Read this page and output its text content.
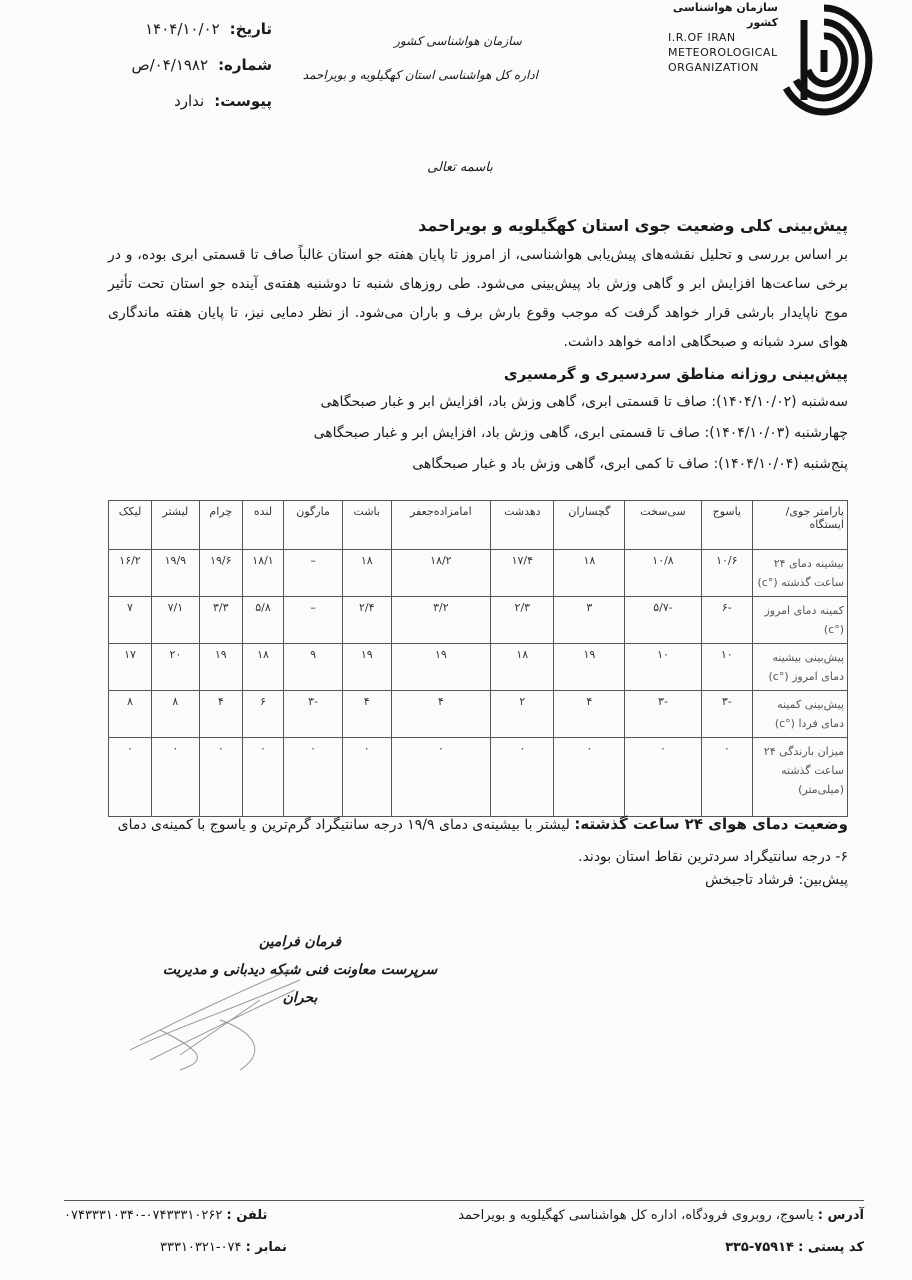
تاریخ:
۱۴۰۴/۱۰/۰۲
شماره:
۰۴/۱۹۸۲/ص
پیوست:
ندارد
سازمان هواشناسی کشور
اداره کل هواشناسی استان کهگیلویه و بویراحمد
سازمان هواشناسی کشور
I.R.OF IRAN
METEOROLOGICAL
ORGANIZATION
باسمه تعالی
پیش‌بینی کلی وضعیت جوی استان کهگیلویه و بویراحمد

بر اساس بررسی و تحلیل نقشه‌های پیش‌یابی هواشناسی، از امروز تا پایان هفته جو استان غالباً صاف تا قسمتی ابری بوده، و در برخی ساعت‌ها افزایش ابر و گاهی وزش باد پیش‌بینی می‌شود. طی روزهای شنبه تا دوشنبه هفته‌ی آینده جو استان تحت تأثیر موج ناپایدار بارشی قرار خواهد گرفت که موجب وقوع بارش برف و باران می‌شود. از نظر دمایی نیز، تا پایان هفته ماندگاری هوای سرد شبانه و صبحگاهی ادامه خواهد داشت.

پیش‌بینی روزانه مناطق سردسیری و گرمسیری

سه‌شنبه (۱۴۰۴/۱۰/۰۲): صاف تا قسمتی ابری، گاهی وزش باد، افزایش ابر و غبار صبحگاهی

چهارشنبه (۱۴۰۴/۱۰/۰۳): صاف تا قسمتی ابری، گاهی وزش باد، افزایش ابر و غبار صبحگاهی

پنج‌شنبه (۱۴۰۴/۱۰/۰۴): صاف تا کمی ابری، گاهی وزش باد و غبار صبحگاهی

پارامتر جوی/ ایستگاه	یاسوج	سی‌سخت	گچساران	دهدشت	امامزاده‌جعفر	باشت	مارگون	لنده	چرام	لیشتر	لیکک
بیشینه دمای ۲۴ ساعت گذشته (°c)	۱۰/۶	۱۰/۸	۱۸	۱۷/۴	۱۸/۲	۱۸	–	۱۸/۱	۱۹/۶	۱۹/۹	۱۶/۲
کمینه دمای امروز (°c)	-۶	-۵/۷	۳	۲/۳	۳/۲	۲/۴	–	۵/۸	۳/۳	۷/۱	۷
پیش‌بینی بیشینه دمای امروز (°c)	۱۰	۱۰	۱۹	۱۸	۱۹	۱۹	۹	۱۸	۱۹	۲۰	۱۷
پیش‌بینی کمینه دمای فردا (°c)	-۳	-۳	۴	۲	۴	۴	-۳	۶	۴	۸	۸
میزان بارندگی ۲۴ ساعت گذشته (میلی‌متر)	۰	۰	۰	۰	۰	۰	۰	۰	۰	۰	۰
وضعیت دمای هوای ۲۴ ساعت گذشته: لیشتر با بیشینه‌ی دمای ۱۹/۹ درجه سانتیگراد گرم‌ترین و یاسوج با کمینه‌ی دمای ۶- درجه سانتیگراد سردترین نقاط استان بودند.
پیش‌بین: فرشاد تاجبخش
فرمان فرامین
سرپرست معاونت فنی شبکه دیدبانی و مدیریت بحران
آدرس : یاسوج، روبروی فرودگاه، اداره کل هواشناسی کهگیلویه و بویراحمد
تلفن : ۰۷۴۳۳۳۱۰۲۶۲-۰۷۴۳۳۳۱۰۳۴۰
کد پستی : ۷۵۹۱۴-۳۳۵
نمابر : ۰۷۴-۳۳۳۱۰۳۲۱
